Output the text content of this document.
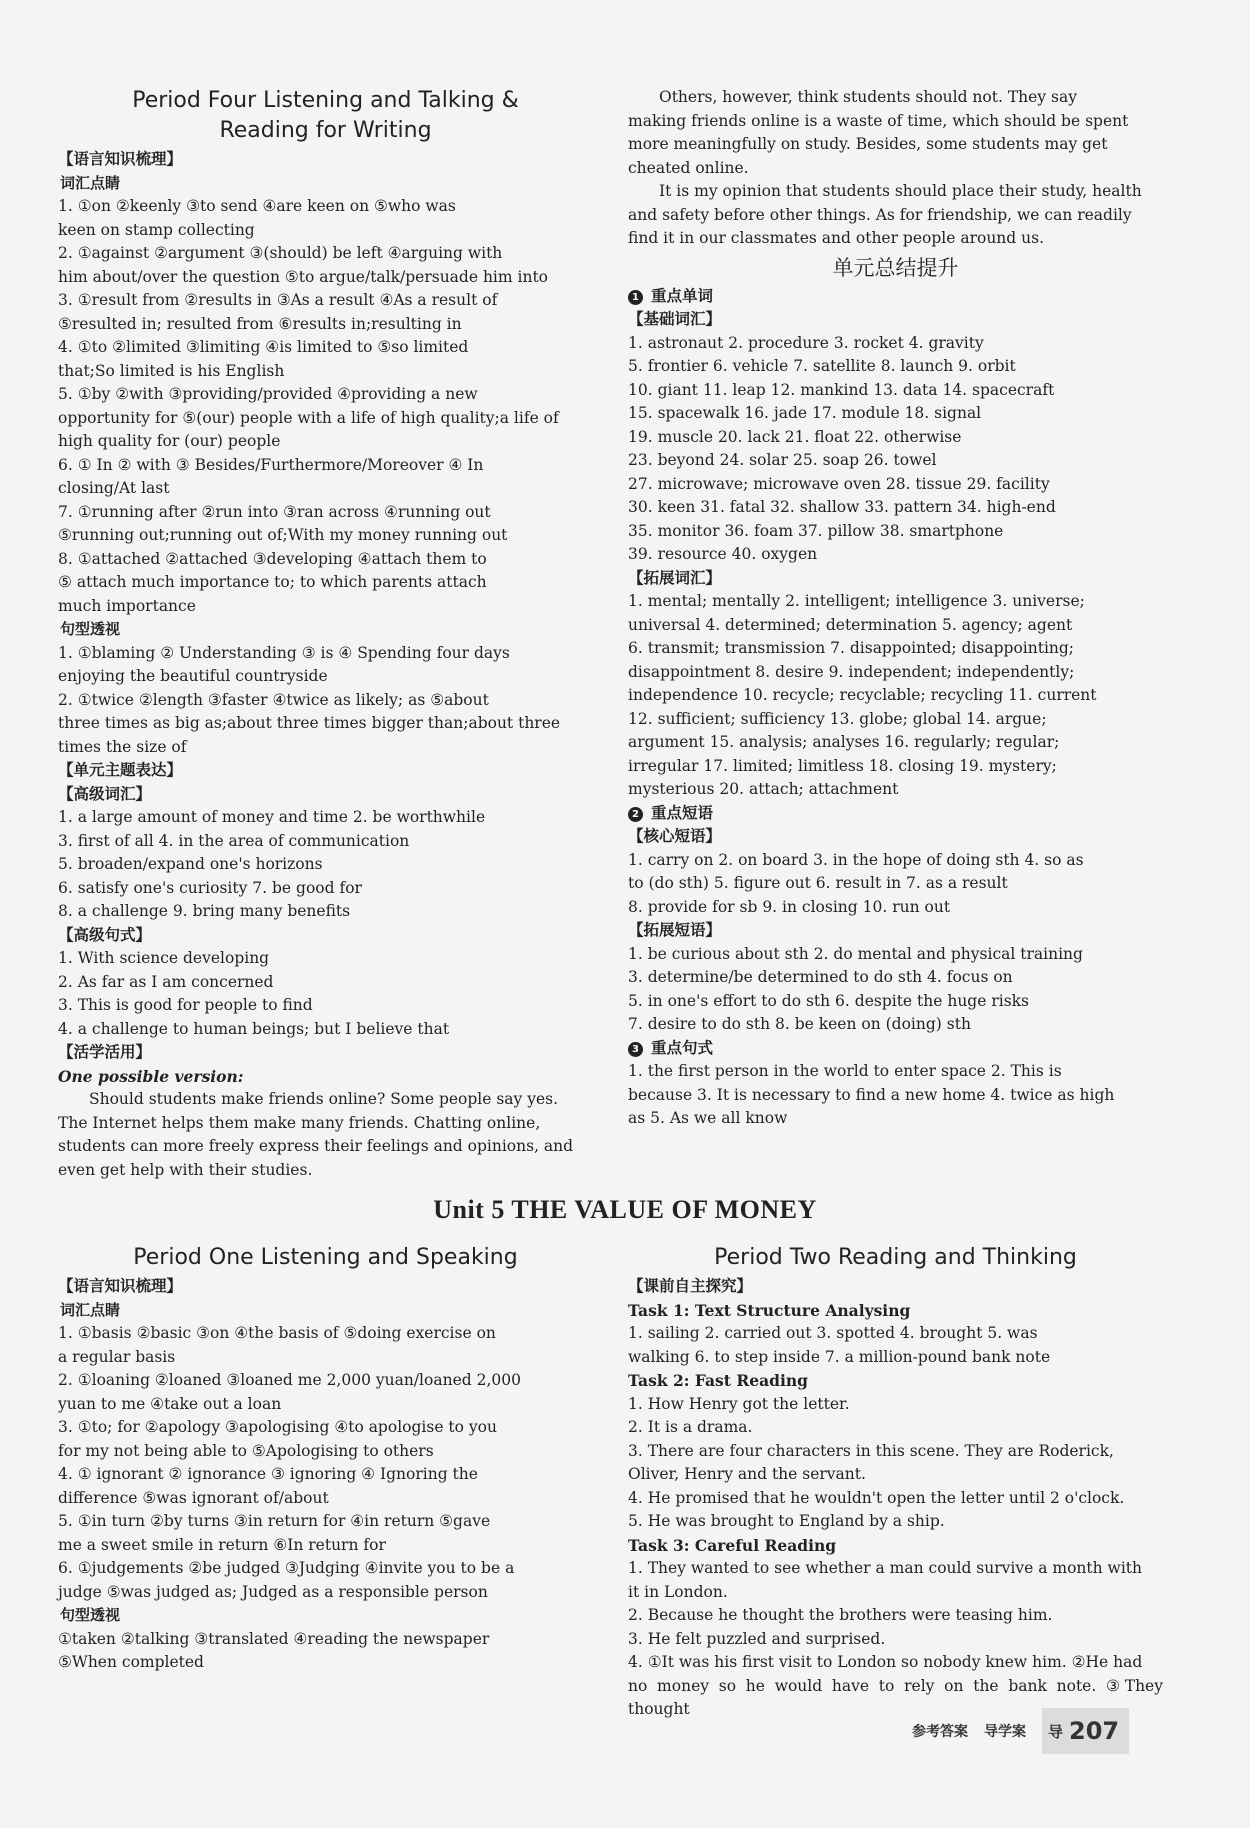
Period Four Listening and Talking &

Reading for Writing

【语言知识梳理】

词汇点睛

1. ①on ②keenly ③to send ④are keen on ⑤who was

keen on stamp collecting

2. ①against ②argument ③(should) be left ④arguing with

him about/over the question ⑤to argue/talk/persuade him into

3. ①result from ②results in ③As a result ④As a result of

⑤resulted in; resulted from ⑥results in;resulting in

4. ①to ②limited ③limiting ④is limited to ⑤so limited

that;So limited is his English

5. ①by ②with ③providing/provided ④providing a new

opportunity for ⑤(our) people with a life of high quality;a life of

high quality for (our) people

6. ① In ② with ③ Besides/Furthermore/Moreover ④ In

closing/At last

7. ①running after ②run into ③ran across ④running out

⑤running out;running out of;With my money running out

8. ①attached ②attached ③developing ④attach them to

⑤ attach much importance to; to which parents attach

much importance

句型透视

1. ①blaming ② Understanding ③ is ④ Spending four days

enjoying the beautiful countryside

2. ①twice ②length ③faster ④twice as likely; as ⑤about

three times as big as;about three times bigger than;about three

times the size of

【单元主题表达】

【高级词汇】

1. a large amount of money and time 2. be worthwhile

3. first of all 4. in the area of communication

5. broaden/expand one's horizons

6. satisfy one's curiosity 7. be good for

8. a challenge 9. bring many benefits

【高级句式】

1. With science developing

2. As far as I am concerned

3. This is good for people to find

4. a challenge to human beings; but I believe that

【活学活用】

One possible version:

Should students make friends online? Some people say yes.

The Internet helps them make many friends. Chatting online,

students can more freely express their feelings and opinions, and

even get help with their studies.

Others, however, think students should not. They say

making friends online is a waste of time, which should be spent

more meaningfully on study. Besides, some students may get

cheated online.

It is my opinion that students should place their study, health

and safety before other things. As for friendship, we can readily

find it in our classmates and other people around us.

单元总结提升

1 重点单词

【基础词汇】

1. astronaut 2. procedure 3. rocket 4. gravity

5. frontier 6. vehicle 7. satellite 8. launch 9. orbit

10. giant 11. leap 12. mankind 13. data 14. spacecraft

15. spacewalk 16. jade 17. module 18. signal

19. muscle 20. lack 21. float 22. otherwise

23. beyond 24. solar 25. soap 26. towel

27. microwave; microwave oven 28. tissue 29. facility

30. keen 31. fatal 32. shallow 33. pattern 34. high-end

35. monitor 36. foam 37. pillow 38. smartphone

39. resource 40. oxygen

【拓展词汇】

1. mental; mentally 2. intelligent; intelligence 3. universe;

universal 4. determined; determination 5. agency; agent

6. transmit; transmission 7. disappointed; disappointing;

disappointment 8. desire 9. independent; independently;

independence 10. recycle; recyclable; recycling 11. current

12. sufficient; sufficiency 13. globe; global 14. argue;

argument 15. analysis; analyses 16. regularly; regular;

irregular 17. limited; limitless 18. closing 19. mystery;

mysterious 20. attach; attachment

2 重点短语

【核心短语】

1. carry on 2. on board 3. in the hope of doing sth 4. so as

to (do sth) 5. figure out 6. result in 7. as a result

8. provide for sb 9. in closing 10. run out

【拓展短语】

1. be curious about sth 2. do mental and physical training

3. determine/be determined to do sth 4. focus on

5. in one's effort to do sth 6. despite the huge risks

7. desire to do sth 8. be keen on (doing) sth

3 重点句式

1. the first person in the world to enter space 2. This is

because 3. It is necessary to find a new home 4. twice as high

as 5. As we all know

Unit 5 THE VALUE OF MONEY

Period One Listening and Speaking

【语言知识梳理】

词汇点睛

1. ①basis ②basic ③on ④the basis of ⑤doing exercise on

a regular basis

2. ①loaning ②loaned ③loaned me 2,000 yuan/loaned 2,000

yuan to me ④take out a loan

3. ①to; for ②apology ③apologising ④to apologise to you

for my not being able to ⑤Apologising to others

4. ① ignorant ② ignorance ③ ignoring ④ Ignoring the

difference ⑤was ignorant of/about

5. ①in turn ②by turns ③in return for ④in return ⑤gave

me a sweet smile in return ⑥In return for

6. ①judgements ②be judged ③Judging ④invite you to be a

judge ⑤was judged as; Judged as a responsible person

句型透视

①taken ②talking ③translated ④reading the newspaper

⑤When completed

Period Two Reading and Thinking

【课前自主探究】

Task 1: Text Structure Analysing

1. sailing 2. carried out 3. spotted 4. brought 5. was

walking 6. to step inside 7. a million-pound bank note

Task 2: Fast Reading

1. How Henry got the letter.

2. It is a drama.

3. There are four characters in this scene. They are Roderick,

Oliver, Henry and the servant.

4. He promised that he wouldn't open the letter until 2 o'clock.

5. He was brought to England by a ship.

Task 3: Careful Reading

1. They wanted to see whether a man could survive a month with

it in London.

2. Because he thought the brothers were teasing him.

3. He felt puzzled and surprised.

4. ①It was his first visit to London so nobody knew him. ②He had

no money so he would have to rely on the bank note. ③They thought

参考答案 导学案 导 207
